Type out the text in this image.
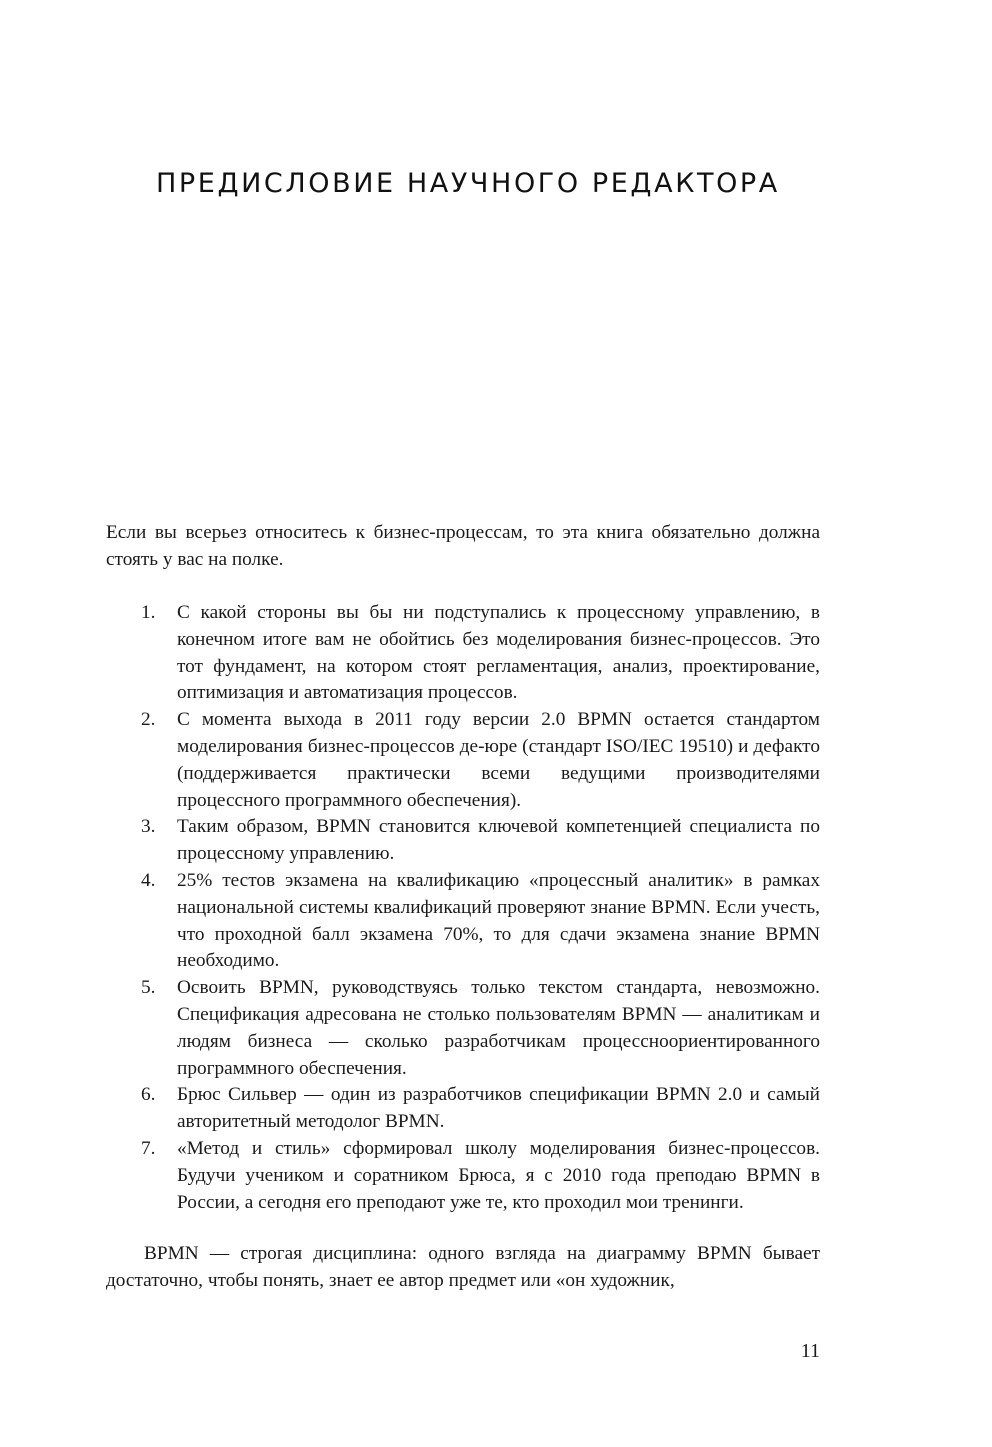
ПРЕДИСЛОВИЕ НАУЧНОГО РЕДАКТОРА

Если вы всерьез относитесь к бизнес-процессам, то эта книга обязательно должна стоять у вас на полке.

1. С какой стороны вы бы ни подступались к процессному управлению, в конечном итоге вам не обойтись без моделирования бизнес-процессов. Это тот фундамент, на котором стоят регламентация, анализ, проектирование, оптимизация и автоматизация процессов.
2. С момента выхода в 2011 году версии 2.0 BPMN остается стандартом моделирования бизнес-процессов де-юре (стандарт ISO/IEC 19510) и дефакто (поддерживается практически всеми ведущими производителями процессного программного обеспечения).
3. Таким образом, BPMN становится ключевой компетенцией специалиста по процессному управлению.
4. 25% тестов экзамена на квалификацию «процессный аналитик» в рамках национальной системы квалификаций проверяют знание BPMN. Если учесть, что проходной балл экзамена 70%, то для сдачи экзамена знание BPMN необходимо.
5. Освоить BPMN, руководствуясь только текстом стандарта, невозможно. Спецификация адресована не столько пользователям BPMN — аналитикам и людям бизнеса — сколько разработчикам процессноориентированного программного обеспечения.
6. Брюс Сильвер — один из разработчиков спецификации BPMN 2.0 и самый авторитетный методолог BPMN.
7. «Метод и стиль» сформировал школу моделирования бизнес-процессов. Будучи учеником и соратником Брюса, я с 2010 года преподаю BPMN в России, а сегодня его преподают уже те, кто проходил мои тренинги.

BPMN — строгая дисциплина: одного взгляда на диаграмму BPMN бывает достаточно, чтобы понять, знает ее автор предмет или «он художник,

11
